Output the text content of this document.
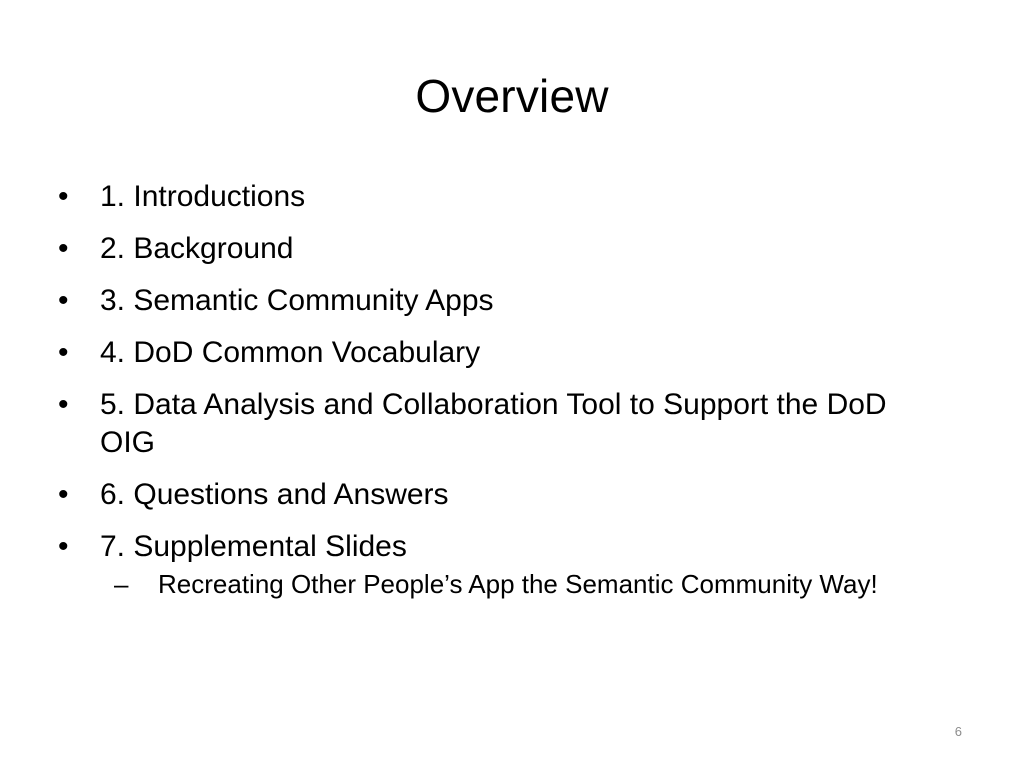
Overview
•	1. Introductions
•	2. Background
•	3. Semantic Community Apps
•	4. DoD Common Vocabulary
•	5. Data Analysis and Collaboration Tool to Support the DoD OIG
•	6. Questions and Answers
•	7. Supplemental Slides
–	Recreating Other People’s App the Semantic Community Way!
6
